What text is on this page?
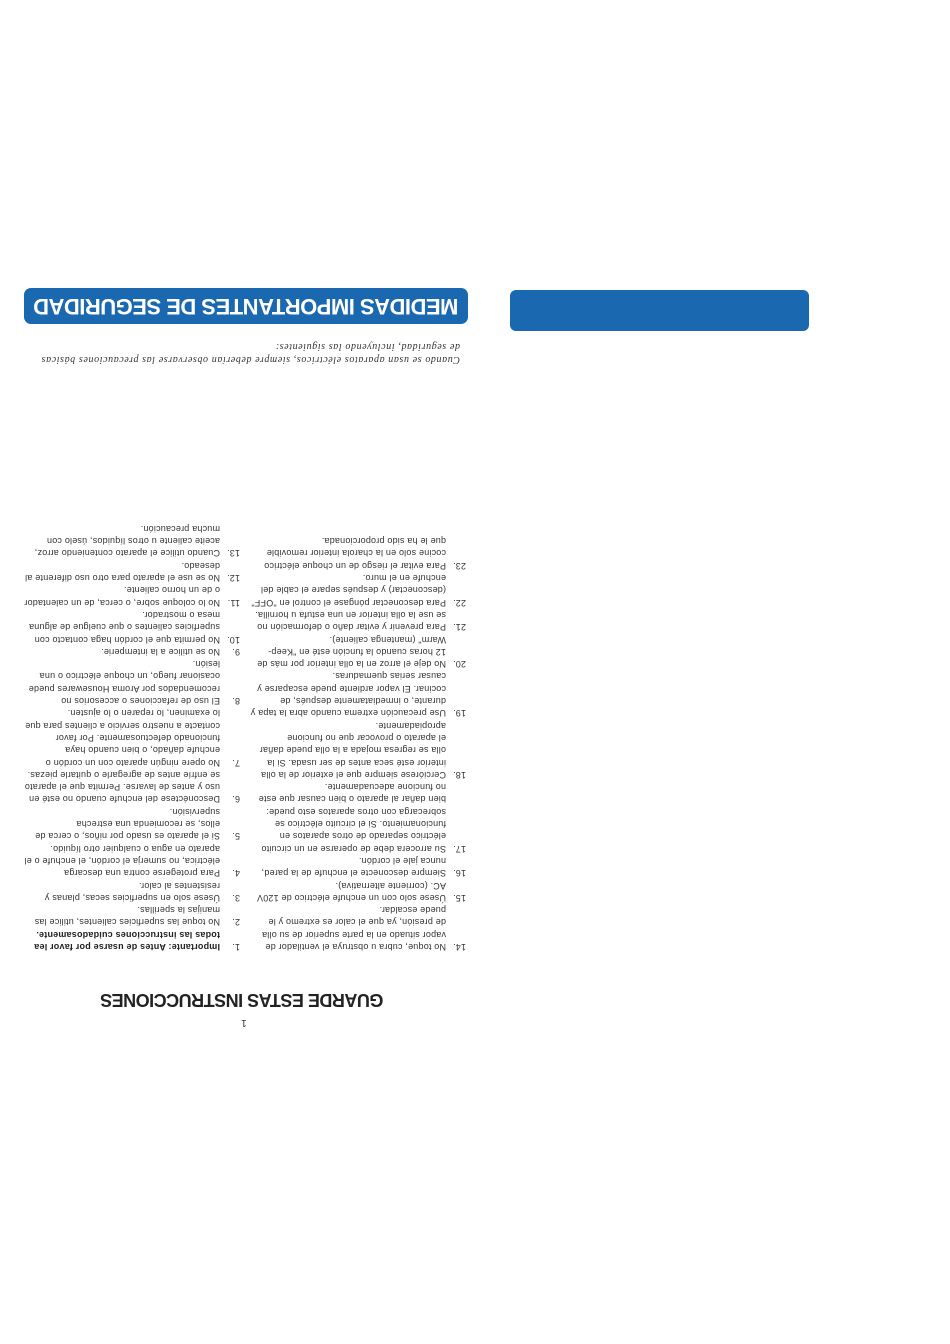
MEDIDAS IMPORTANTES DE SEGURIDAD
Cuando se usan aparatos eléctricos, siempre deberían observarse las precauciones básicas de seguridad, incluyendo las siguientes:
1.
Importante: Antes de usarse por favor lea todas las instrucciones cuidadosamente.
2.
No toque las superficies calientes, utilice las manijas la sperillas.
3.
Úsese solo en superficies secas, planas y resistentes al calor.
4.
Para protegerse contra una descarga eléctrica, no sumerja el cordón, el enchufe o el aparato en agua o cualquier otro líquido.
5.
Si el aparato es usado por niños, o cerca de ellos, se recomienda una estrecha supervisión.
6.
Desconéctese del enchufe cuando no esté en uso y antes de lavarse. Permita que el aparato se enfríe antes de agregarle o quitarle piezas.
7.
No opere ningún aparato con un cordón o enchufe dañado, o bien cuando haya funcionado defectuosamente. Por favor contacte a nuestro servicio a clientes para que lo examinen, lo reparen o lo ajusten.
8.
El uso de refacciones o accesorios no recomendados por Aroma Housewares puede ocasionar fuego, un choque eléctrico o una lesión.
9.
No se utilice a la intemperie.
10.
No permita que el cordón haga contacto con superficies calientes o que cuelgue de alguna mesa o mostrador.
11.
No lo coloque sobre, o cerca, de un calentador o de un horno caliente.
12.
No se use el aparato para otro uso diferente al deseado.
13.
Cuando utilice el aparato conteniendo arroz, aceite caliente u otros líquidos, úselo con mucha precaución.
14.
No toque, cubra u obstruya el ventilador de vapor situado en la parte superior de su olla de presión, ya que el calor es extremo y le puede escaldar.
15.
Úsese solo con un enchufe eléctrico de 120V AC. (corriente alternativa).
16.
Siempre desconecte el enchufe de la pared, nunca jale el cordón.
17.
Su arrocera debe de operarse en un circuito eléctrico separado de otros aparatos en funcionamiento. Si el circuito eléctrico se sobrecarga con otros aparatos esto puede: bien dañar al aparato o bien causar que este no funcione adecuadamente.
18.
Cerciórese siempre que el exterior de la olla interior esté seca antes de ser usada. Si la olla se regresa mojada a la olla puede dañar el aparato o provocar que no funcione apropiadamente.
19.
Use precaución extrema cuando abra la tapa y durante, o inmediatamente después, de cocinar. El vapor ardiente puede escaparse y causar serias quemaduras.
20.
No deje el arroz en la olla interior por más de 12 horas cuando la función esté en "Keep-Warm" (mantenga caliente).
21.
Para prevenir y evitar daño o deformación no se use la olla interior en una estufa u hornilla.
22.
Para desconectar póngase el control en "OFF" (desconectar) y después separe el cable del enchufe en el muro.
23.
Para evitar el riesgo de un choque eléctrico cocine solo en la charola interior removible que le ha sido proporcionada.
GUARDE ESTAS INSTRUCCIONES
1
